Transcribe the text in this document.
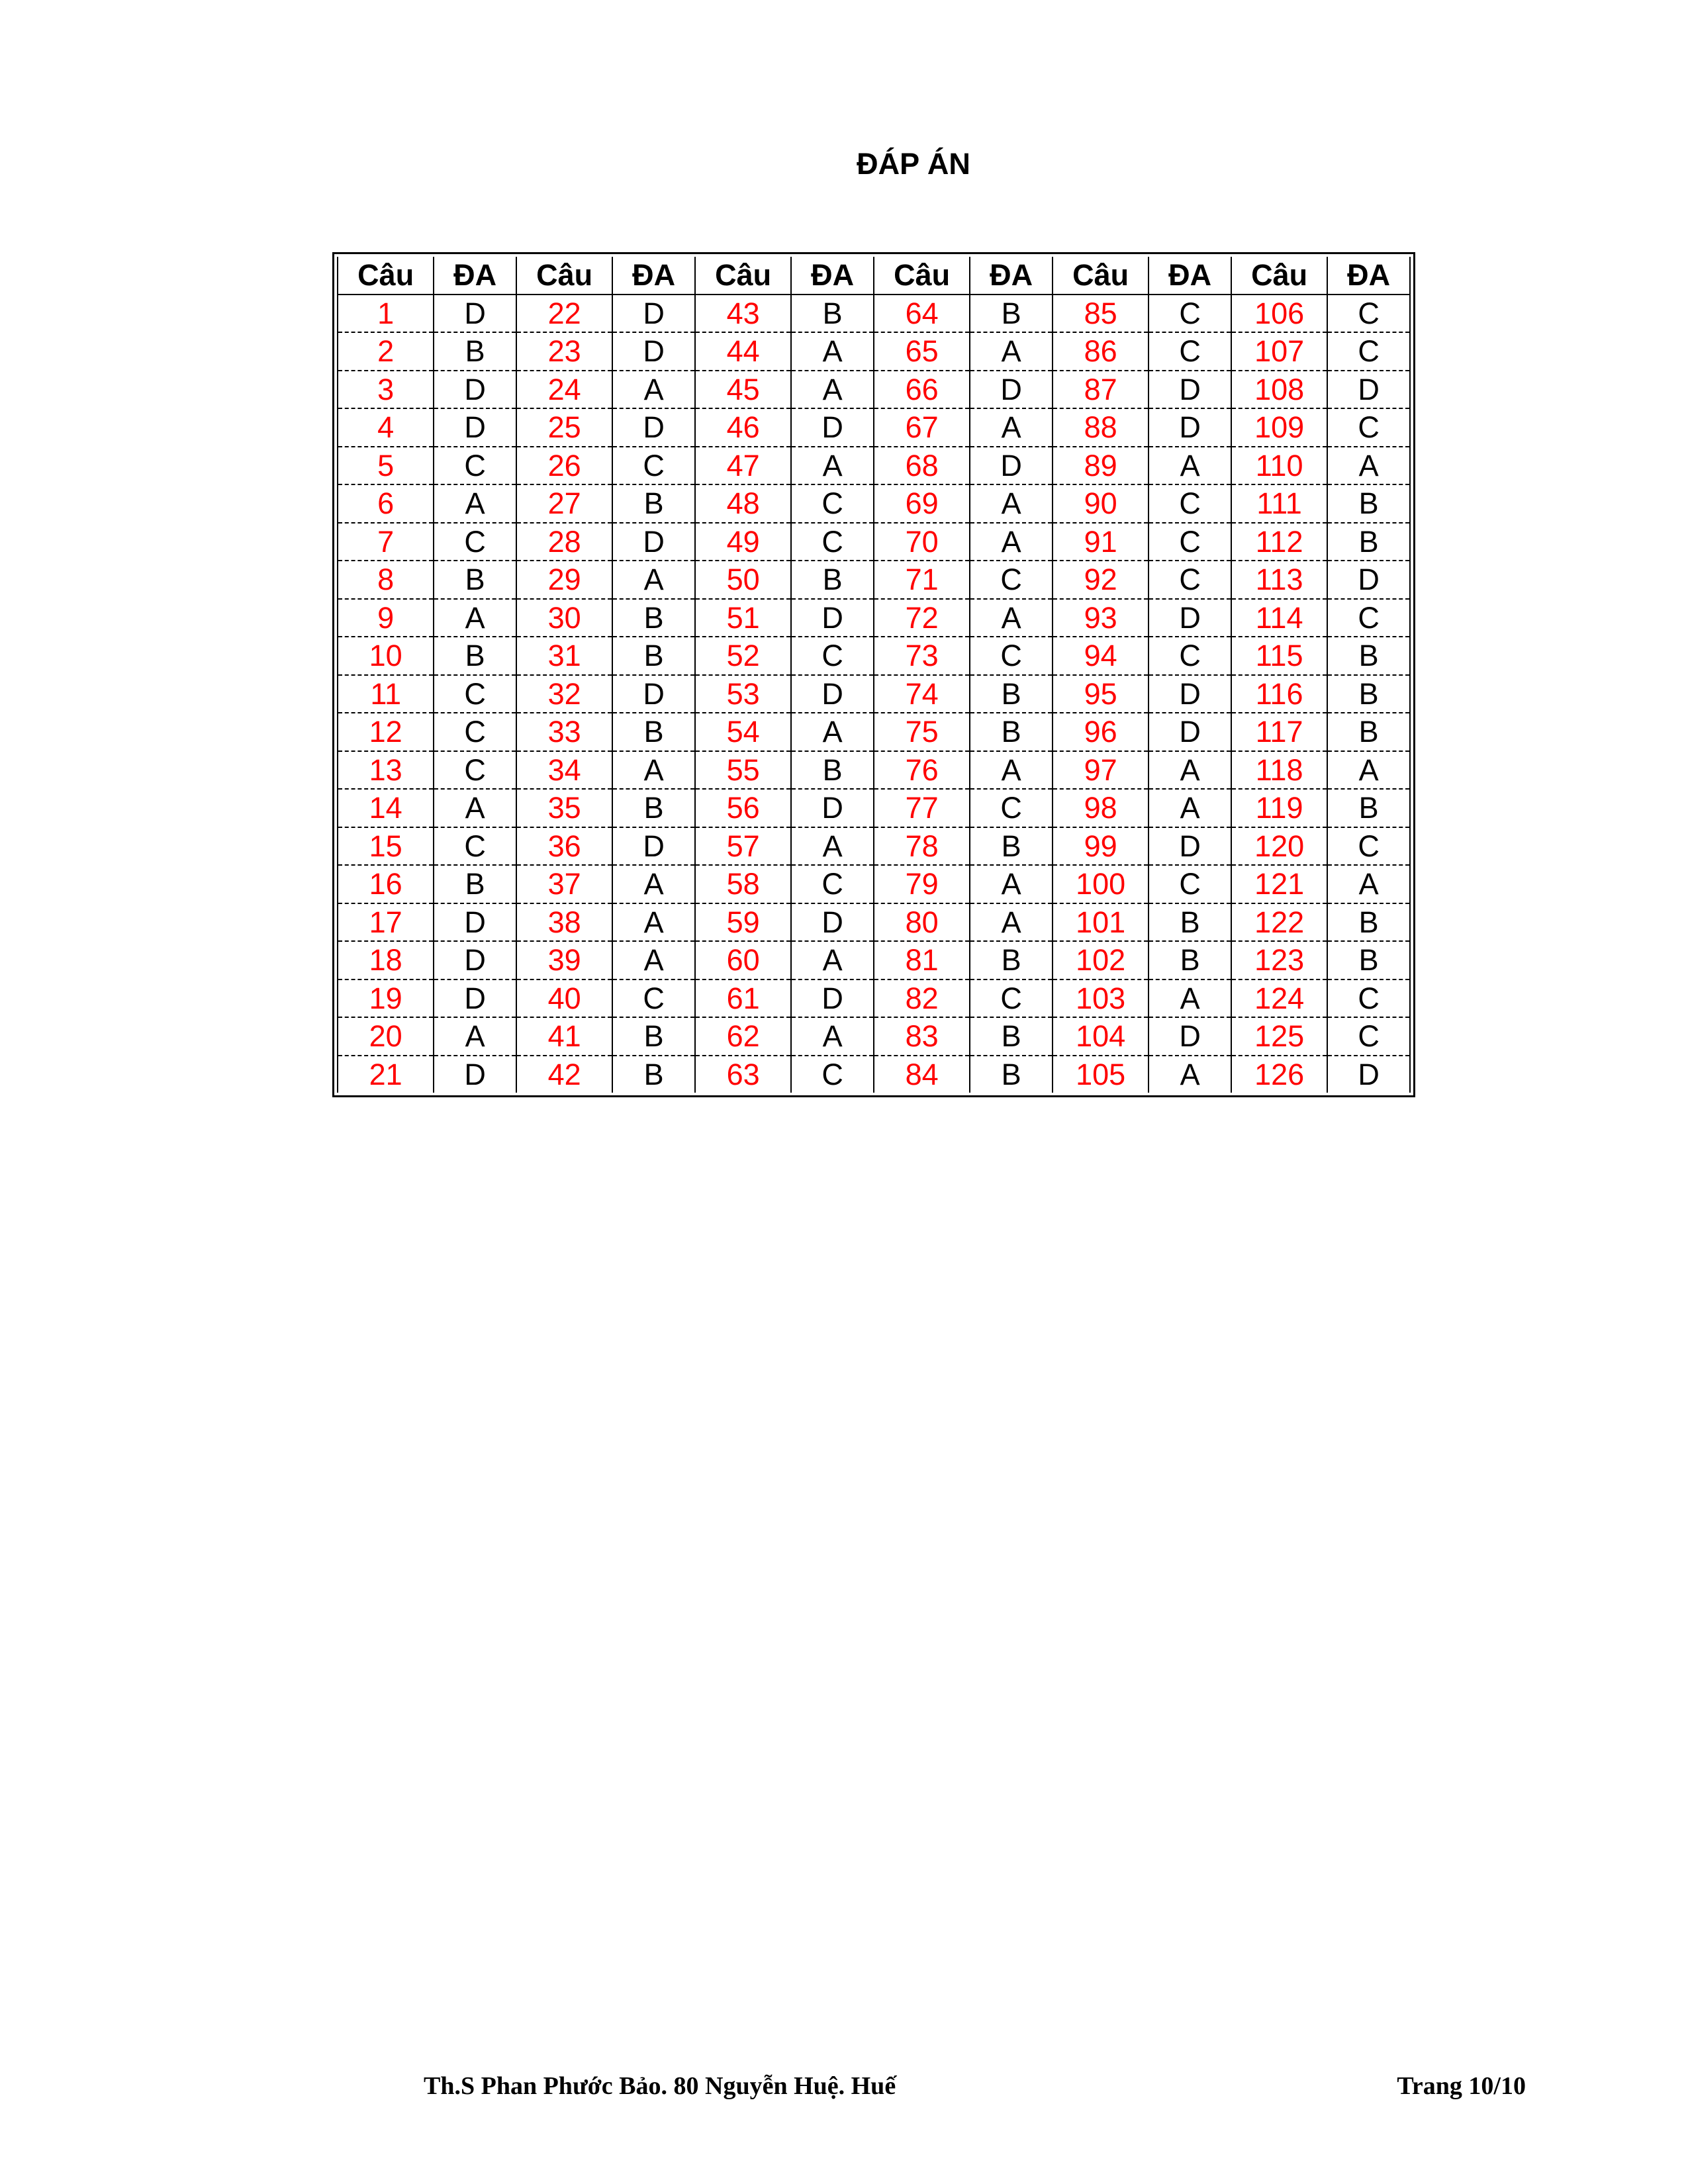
ĐÁP ÁN
Câu	ĐA	Câu	ĐA	Câu	ĐA	Câu	ĐA	Câu	ĐA	Câu	ĐA
1	D	22	D	43	B	64	B	85	C	106	C
2	B	23	D	44	A	65	A	86	C	107	C
3	D	24	A	45	A	66	D	87	D	108	D
4	D	25	D	46	D	67	A	88	D	109	C
5	C	26	C	47	A	68	D	89	A	110	A
6	A	27	B	48	C	69	A	90	C	111	B
7	C	28	D	49	C	70	A	91	C	112	B
8	B	29	A	50	B	71	C	92	C	113	D
9	A	30	B	51	D	72	A	93	D	114	C
10	B	31	B	52	C	73	C	94	C	115	B
11	C	32	D	53	D	74	B	95	D	116	B
12	C	33	B	54	A	75	B	96	D	117	B
13	C	34	A	55	B	76	A	97	A	118	A
14	A	35	B	56	D	77	C	98	A	119	B
15	C	36	D	57	A	78	B	99	D	120	C
16	B	37	A	58	C	79	A	100	C	121	A
17	D	38	A	59	D	80	A	101	B	122	B
18	D	39	A	60	A	81	B	102	B	123	B
19	D	40	C	61	D	82	C	103	A	124	C
20	A	41	B	62	A	83	B	104	D	125	C
21	D	42	B	63	C	84	B	105	A	126	D
Th.S Phan Phước Bảo. 80 Nguyễn Huệ. Huế	Trang 10/10
